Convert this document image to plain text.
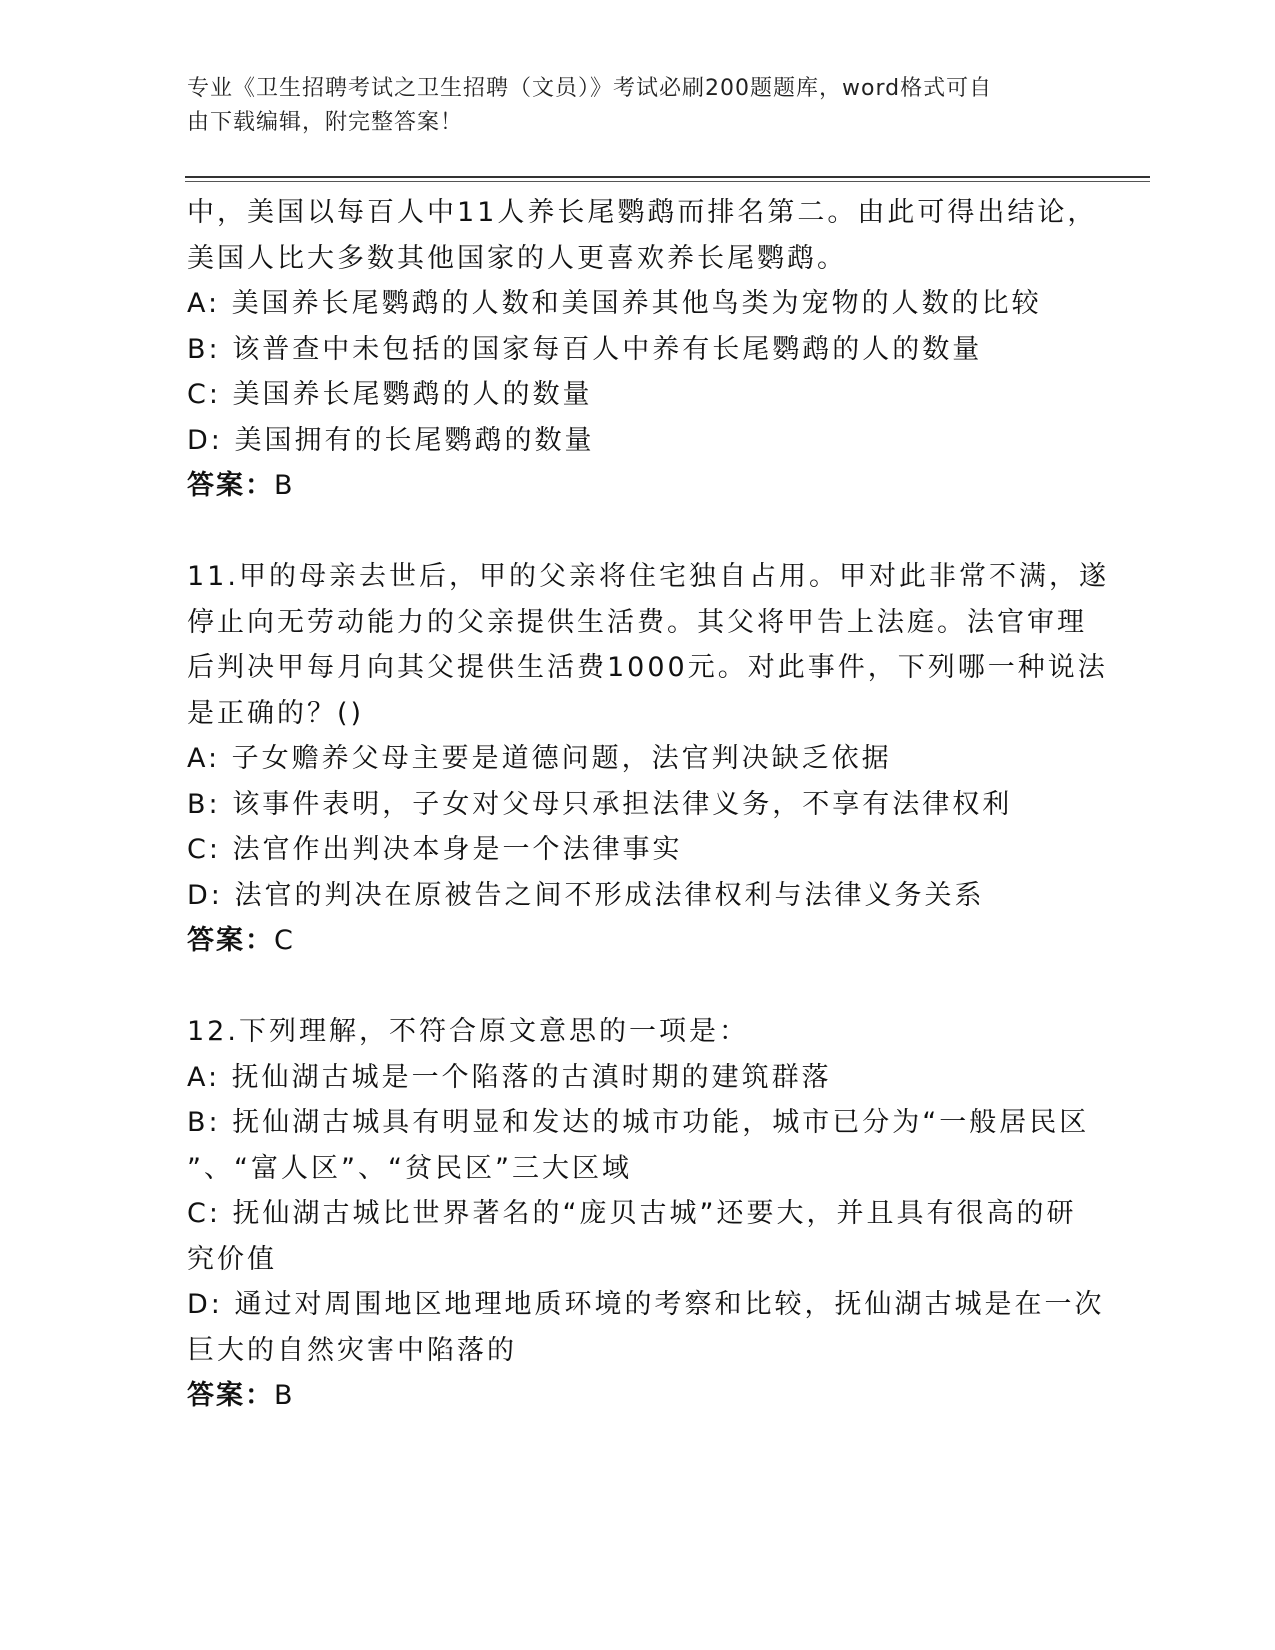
专业《卫生招聘考试之卫生招聘（文员）》考试必刷200题题库，word格式可自
由下载编辑，附完整答案！
中，美国以每百人中11人养长尾鹦鹉而排名第二。由此可得出结论，
美国人比大多数其他国家的人更喜欢养长尾鹦鹉。
A: 美国养长尾鹦鹉的人数和美国养其他鸟类为宠物的人数的比较
B: 该普查中未包括的国家每百人中养有长尾鹦鹉的人的数量
C: 美国养长尾鹦鹉的人的数量
D: 美国拥有的长尾鹦鹉的数量
答案：B
11.甲的母亲去世后，甲的父亲将住宅独自占用。甲对此非常不满，遂
停止向无劳动能力的父亲提供生活费。其父将甲告上法庭。法官审理
后判决甲每月向其父提供生活费1000元。对此事件，下列哪一种说法
是正确的？()
A: 子女赡养父母主要是道德问题，法官判决缺乏依据
B: 该事件表明，子女对父母只承担法律义务，不享有法律权利
C: 法官作出判决本身是一个法律事实
D: 法官的判决在原被告之间不形成法律权利与法律义务关系
答案：C
12.下列理解，不符合原文意思的一项是：
A: 抚仙湖古城是一个陷落的古滇时期的建筑群落
B: 抚仙湖古城具有明显和发达的城市功能，城市已分为“一般居民区
”、“富人区”、“贫民区”三大区域
C: 抚仙湖古城比世界著名的“庞贝古城”还要大，并且具有很高的研
究价值
D: 通过对周围地区地理地质环境的考察和比较，抚仙湖古城是在一次
巨大的自然灾害中陷落的
答案：B
